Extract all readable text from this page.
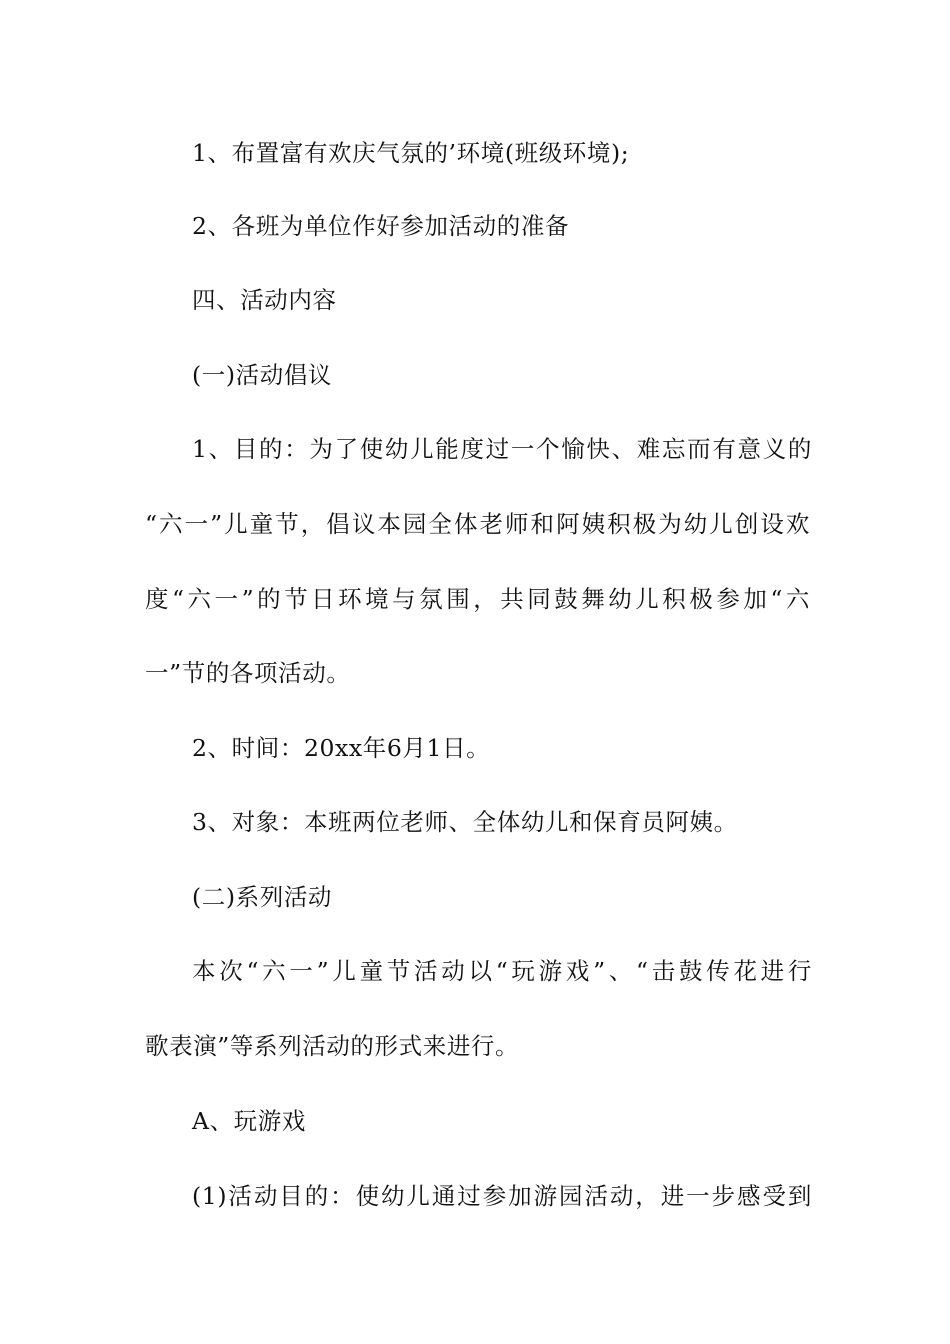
1、布置富有欢庆气氛的’环境(班级环境);
2、各班为单位作好参加活动的准备
四、活动内容
(一)活动倡议
1、目的：为了使幼儿能度过一个愉快、难忘而有意义的
“六一”儿童节，倡议本园全体老师和阿姨积极为幼儿创设欢
度“六一”的节日环境与氛围，共同鼓舞幼儿积极参加“六
一”节的各项活动。
2、时间：20xx年6月1日。
3、对象：本班两位老师、全体幼儿和保育员阿姨。
(二)系列活动
本次“六一”儿童节活动以“玩游戏”、“击鼓传花进行
歌表演”等系列活动的形式来进行。
A、玩游戏
(1)活动目的：使幼儿通过参加游园活动，进一步感受到
